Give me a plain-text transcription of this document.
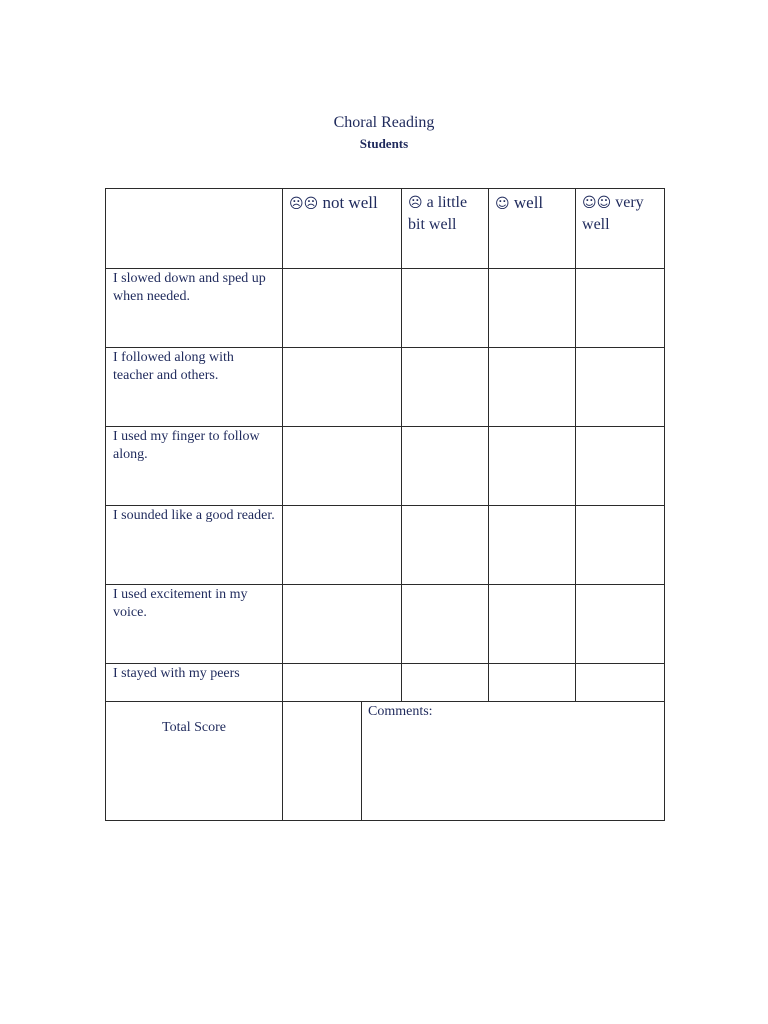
Choral Reading
Students

	☹☹ not well		☹ a little bit well	☺ well	☺☺ very well

I slowed down and sped up when needed.					

I followed along with teacher and others.					

I used my finger to follow along.					

I sounded like a good reader.					

I used excitement in my voice.					

I stayed with my peers					

Total Score		Comments:			
